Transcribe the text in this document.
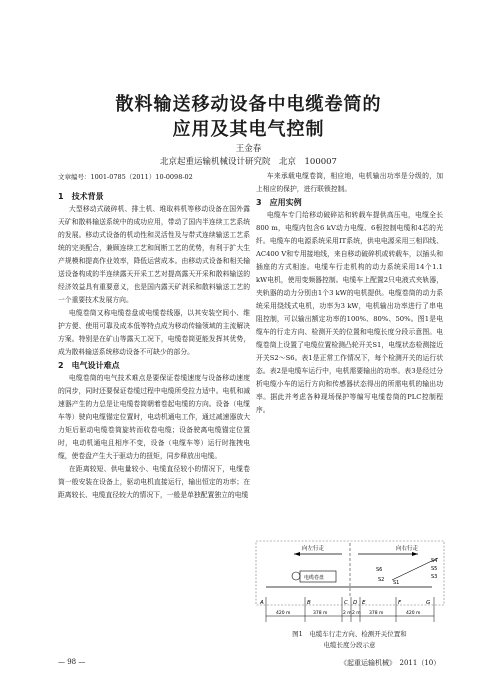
散料输送移动设备中电缆卷筒的
应用及其电气控制
王金春
北京起重运输机械设计研究院　北京　100007
文章编号：1001-0785（2011）10-0098-02

1　技术背景

大型移动式破碎机、排土机、堆取料机等移动设备在国外露天矿和散料输送系统中的成功应用，带动了国内半连续工艺系统的发展。移动式设备的机动性和灵活性及与带式连续输送工艺系统的完美配合，兼顾连续工艺和间断工艺的优势，有利于扩大生产规模和提高作业效率，降低运营成本。由移动式设备和相关输送设备构成的半连续露天开采工艺对提高露天开采和散料输送的经济效益具有重要意义，也是国内露天矿剥采和散料输送工艺的一个重要技术发展方向。

电缆卷筒又称电缆卷盘或电缆卷线器，以其安装空间小、维护方便、使用可靠及成本低等特点成为移动传输领域的主流解决方案。特别是在矿山等露天工况下，电缆卷筒更能发挥其优势，成为散料输送系统移动设备不可缺少的部分。

2　电气设计难点

电缆卷筒的电气技术难点是要保证卷缆速度与设备移动速度的同步，同时还要保证卷缆过程中电缆所受拉力适中。电机和减速器产生的力总是让电缆卷筒朝着卷起电缆的方向。设备（电缆车等）驶向电缆锚定位置时，电动机通电工作，通过减速器放大力矩后驱动电缆卷筒旋转而收卷电缆；设备驶离电缆锚定位置时，电动机通电且相序不变，设备（电缆车等）运行时拖拽电缆，使卷盘产生大于驱动力的扭矩，同步释放出电缆。

在距离较短、供电量较小、电缆直径较小的情况下，电缆卷筒一般安装在设备上，驱动电机直接运行，输出恒定的功率；在距离较长、电缆直径较大的情况下，一般是单独配置独立的电缆

车来承载电缆卷筒，相应地，电机输出功率是分级的，加上相应的保护，进行联锁控制。

3　应用实例

电缆车专门给移动破碎站和转载车提供高压电，电缆全长800 m，电缆内包含6 kV动力电缆、6根控制电缆和4芯的光纤。电缆车的电源系统采用IT系统，供电电源采用三相四线、AC400 V和专用接地线，来自移动破碎机或转载车，以插头和插座的方式相连。电缆车行走机构的动力系统采用14个1.1 kW电机，使用变频器控制。电缆车上配置2只电液式夹轨器，夹轨器的动力分别由1个3 kW的电机提供。电缆卷筒的动力系统采用绕线式电机，功率为3 kW，电机输出功率进行了串电阻控制，可以输出额定功率的100%、80%、50%。图1是电缆车的行走方向、检测开关的位置和电缆长度分段示意图。电缆卷筒上设置了电缆位置检测凸轮开关S1，电缆状态检测接近开关S2～S6。表1是正常工作情况下，每个检测开关的运行状态。表2是电缆车运行中，电机需要输出的功率。表3是经过分析电缆小车的运行方向和传感器状态得出的所需电机的输出功率。据此并考虑各种现场保护等编写电缆卷筒的PLC控制程序。

向左行走	向右行走
电缆卷盘
S6
S2 S1
S4
S5
S3
A	B	C D E	F	G
420 m	378 m	2 m 2 m 378 m	420 m
图1　电缆车行走方向、检测开关位置和
电缆长度分段示意
— 98 —	《起重运输机械》　2011（10）
